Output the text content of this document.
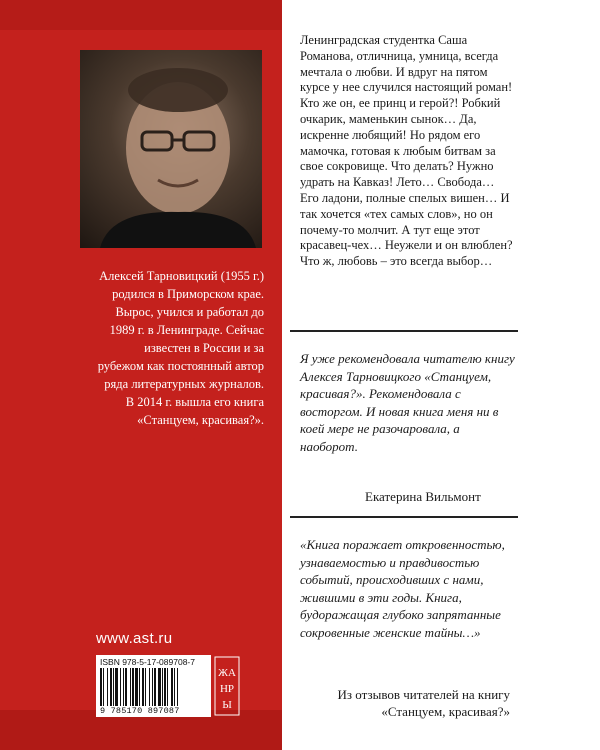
Алексей Тарновицкий (1955 г.) родился в Приморском крае. Вырос, учился и работал до 1989 г. в Ленинграде. Сейчас известен в России и за рубежом как постоянный автор ряда литературных журналов. В 2014 г. вышла его книга «Станцуем, красивая?».

www.ast.ru
ISBN 978-5-17-089708-7
9 785170 897087
ЖА
НР
Ы
Ленинградская студентка Саша Романова, отличница, умница, всегда мечтала о любви. И вдруг на пятом курсе у нее случился настоящий роман! Кто же он, ее принц и герой?! Робкий очкарик, маменькин сынок… Да, искренне любящий! Но рядом его мамочка, готовая к любым битвам за свое сокровище. Что делать? Нужно удрать на Кавказ! Лето… Свобода… Его ладони, полные спелых вишен… И так хочется «тех самых слов», но он почему-то молчит. А тут еще этот красавец-чех… Неужели и он влюблен? Что ж, любовь – это всегда выбор…
Я уже рекомендовала читателю книгу Алексея Тарновицкого «Станцуем, красивая?». Рекомендовала с восторгом. И новая книга меня ни в коей мере не разочаровала, а наоборот.
Екатерина Вильмонт
«Книга поражает откровенностью, узнаваемостью и правдивостью событий, происходивших с нами, жившими в эти годы. Книга, будоражащая глубоко запрятанные сокровенные женские тайны…»
Из отзывов читателей на книгу «Станцуем, красивая?»
